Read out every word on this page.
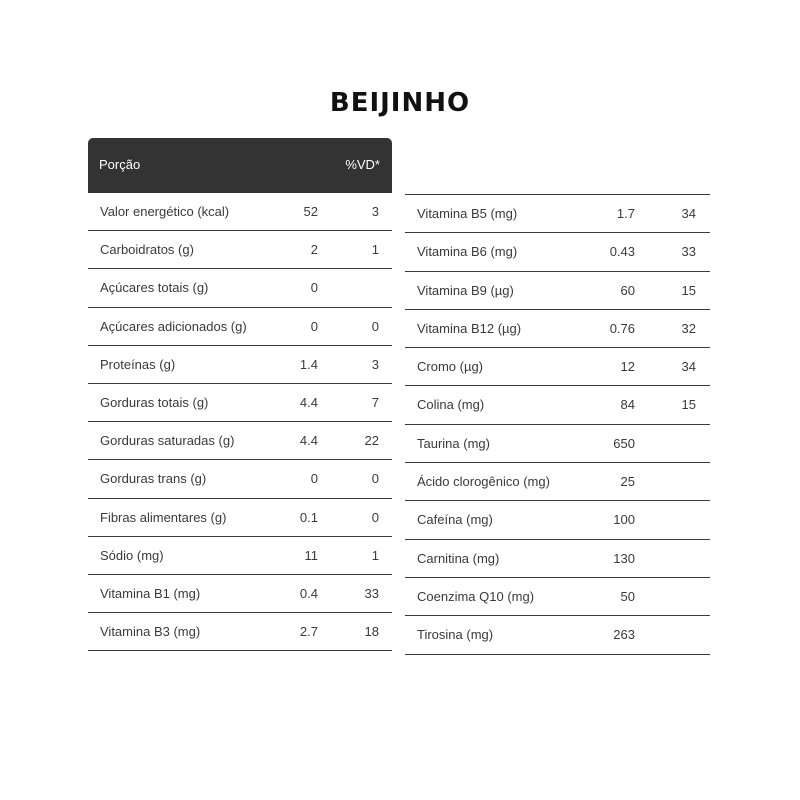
BEIJINHO
Porção	%VD*
Valor energético (kcal)	52	3
Carboidratos (g)	2	1
Açúcares totais (g)	0
Açúcares adicionados (g)	0	0
Proteínas (g)	1.4	3
Gorduras totais (g)	4.4	7
Gorduras saturadas (g)	4.4	22
Gorduras trans (g)	0	0
Fibras alimentares (g)	0.1	0
Sódio (mg)	11	1
Vitamina B1 (mg)	0.4	33
Vitamina B3 (mg)	2.7	18
Vitamina B5 (mg)	1.7	34
Vitamina B6 (mg)	0.43	33
Vitamina B9 (µg)	60	15
Vitamina B12 (µg)	0.76	32
Cromo (µg)	12	34
Colina (mg)	84	15
Taurina (mg)	650
Ácido clorogênico (mg)	25
Cafeína (mg)	100
Carnitina (mg)	130
Coenzima Q10 (mg)	50
Tirosina (mg)	263
